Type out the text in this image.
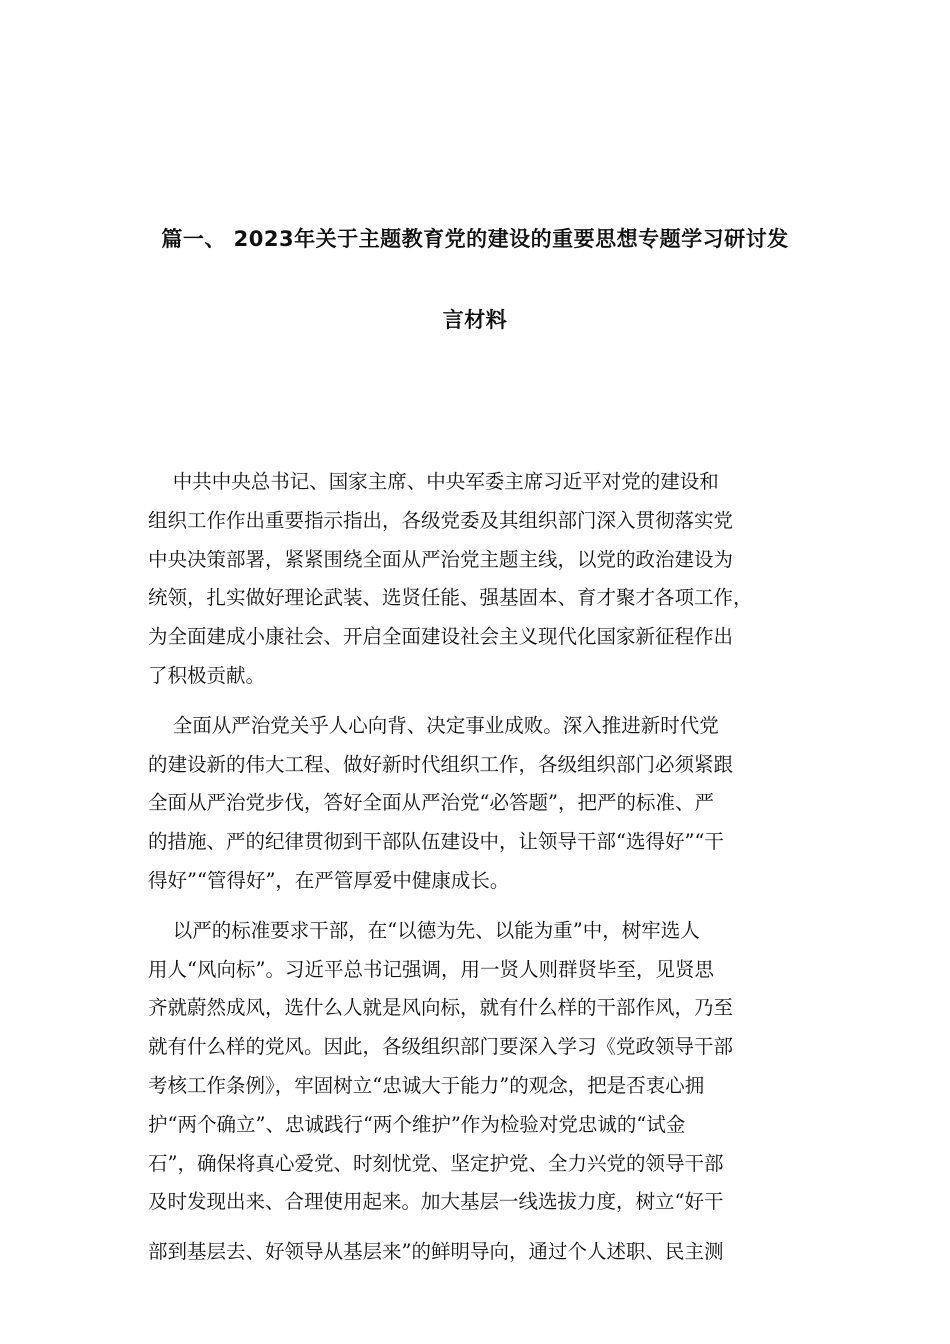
篇一、 2023年关于主题教育党的建设的重要思想专题学习研讨发
言材料
中共中央总书记、国家主席、中央军委主席习近平对党的建设和
组织工作作出重要指示指出，各级党委及其组织部门深入贯彻落实党
中央决策部署，紧紧围绕全面从严治党主题主线，以党的政治建设为
统领，扎实做好理论武装、选贤任能、强基固本、育才聚才各项工作，
为全面建成小康社会、开启全面建设社会主义现代化国家新征程作出
了积极贡献。
全面从严治党关乎人心向背、决定事业成败。深入推进新时代党
的建设新的伟大工程、做好新时代组织工作，各级组织部门必须紧跟
全面从严治党步伐，答好全面从严治党“必答题”，把严的标准、严
的措施、严的纪律贯彻到干部队伍建设中，让领导干部“选得好”“干
得好”“管得好”，在严管厚爱中健康成长。
以严的标准要求干部，在“以德为先、以能为重”中，树牢选人
用人“风向标”。习近平总书记强调，用一贤人则群贤毕至，见贤思
齐就蔚然成风，选什么人就是风向标，就有什么样的干部作风，乃至
就有什么样的党风。因此，各级组织部门要深入学习《党政领导干部
考核工作条例》，牢固树立“忠诚大于能力”的观念，把是否衷心拥
护“两个确立”、忠诚践行“两个维护”作为检验对党忠诚的“试金
石”，确保将真心爱党、时刻忧党、坚定护党、全力兴党的领导干部
及时发现出来、合理使用起来。加大基层一线选拔力度，树立“好干
部到基层去、好领导从基层来”的鲜明导向，通过个人述职、民主测
